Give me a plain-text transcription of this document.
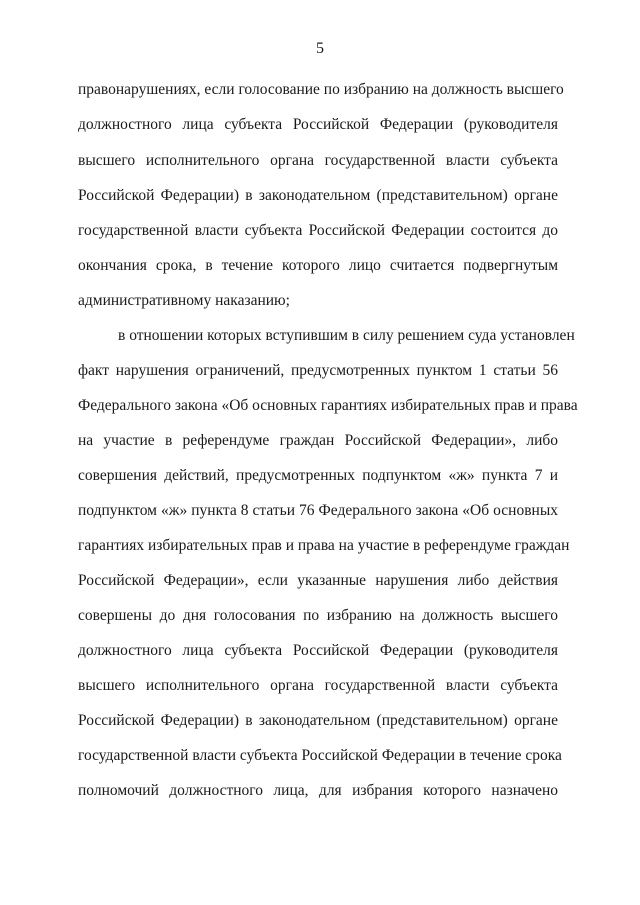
5
правонарушениях, если голосование по избранию на должность высшего
должностного лица субъекта Российской Федерации (руководителя
высшего исполнительного органа государственной власти субъекта
Российской Федерации) в законодательном (представительном) органе
государственной власти субъекта Российской Федерации состоится до
окончания срока, в течение которого лицо считается подвергнутым
административному наказанию;
в отношении которых вступившим в силу решением суда установлен
факт нарушения ограничений, предусмотренных пунктом 1 статьи 56
Федерального закона «Об основных гарантиях избирательных прав и права
на участие в референдуме граждан Российской Федерации», либо
совершения действий, предусмотренных подпунктом «ж» пункта 7 и
подпунктом «ж» пункта 8 статьи 76 Федерального закона «Об основных
гарантиях избирательных прав и права на участие в референдуме граждан
Российской Федерации», если указанные нарушения либо действия
совершены до дня голосования по избранию на должность высшего
должностного лица субъекта Российской Федерации (руководителя
высшего исполнительного органа государственной власти субъекта
Российской Федерации) в законодательном (представительном) органе
государственной власти субъекта Российской Федерации в течение срока
полномочий должностного лица, для избрания которого назначено
